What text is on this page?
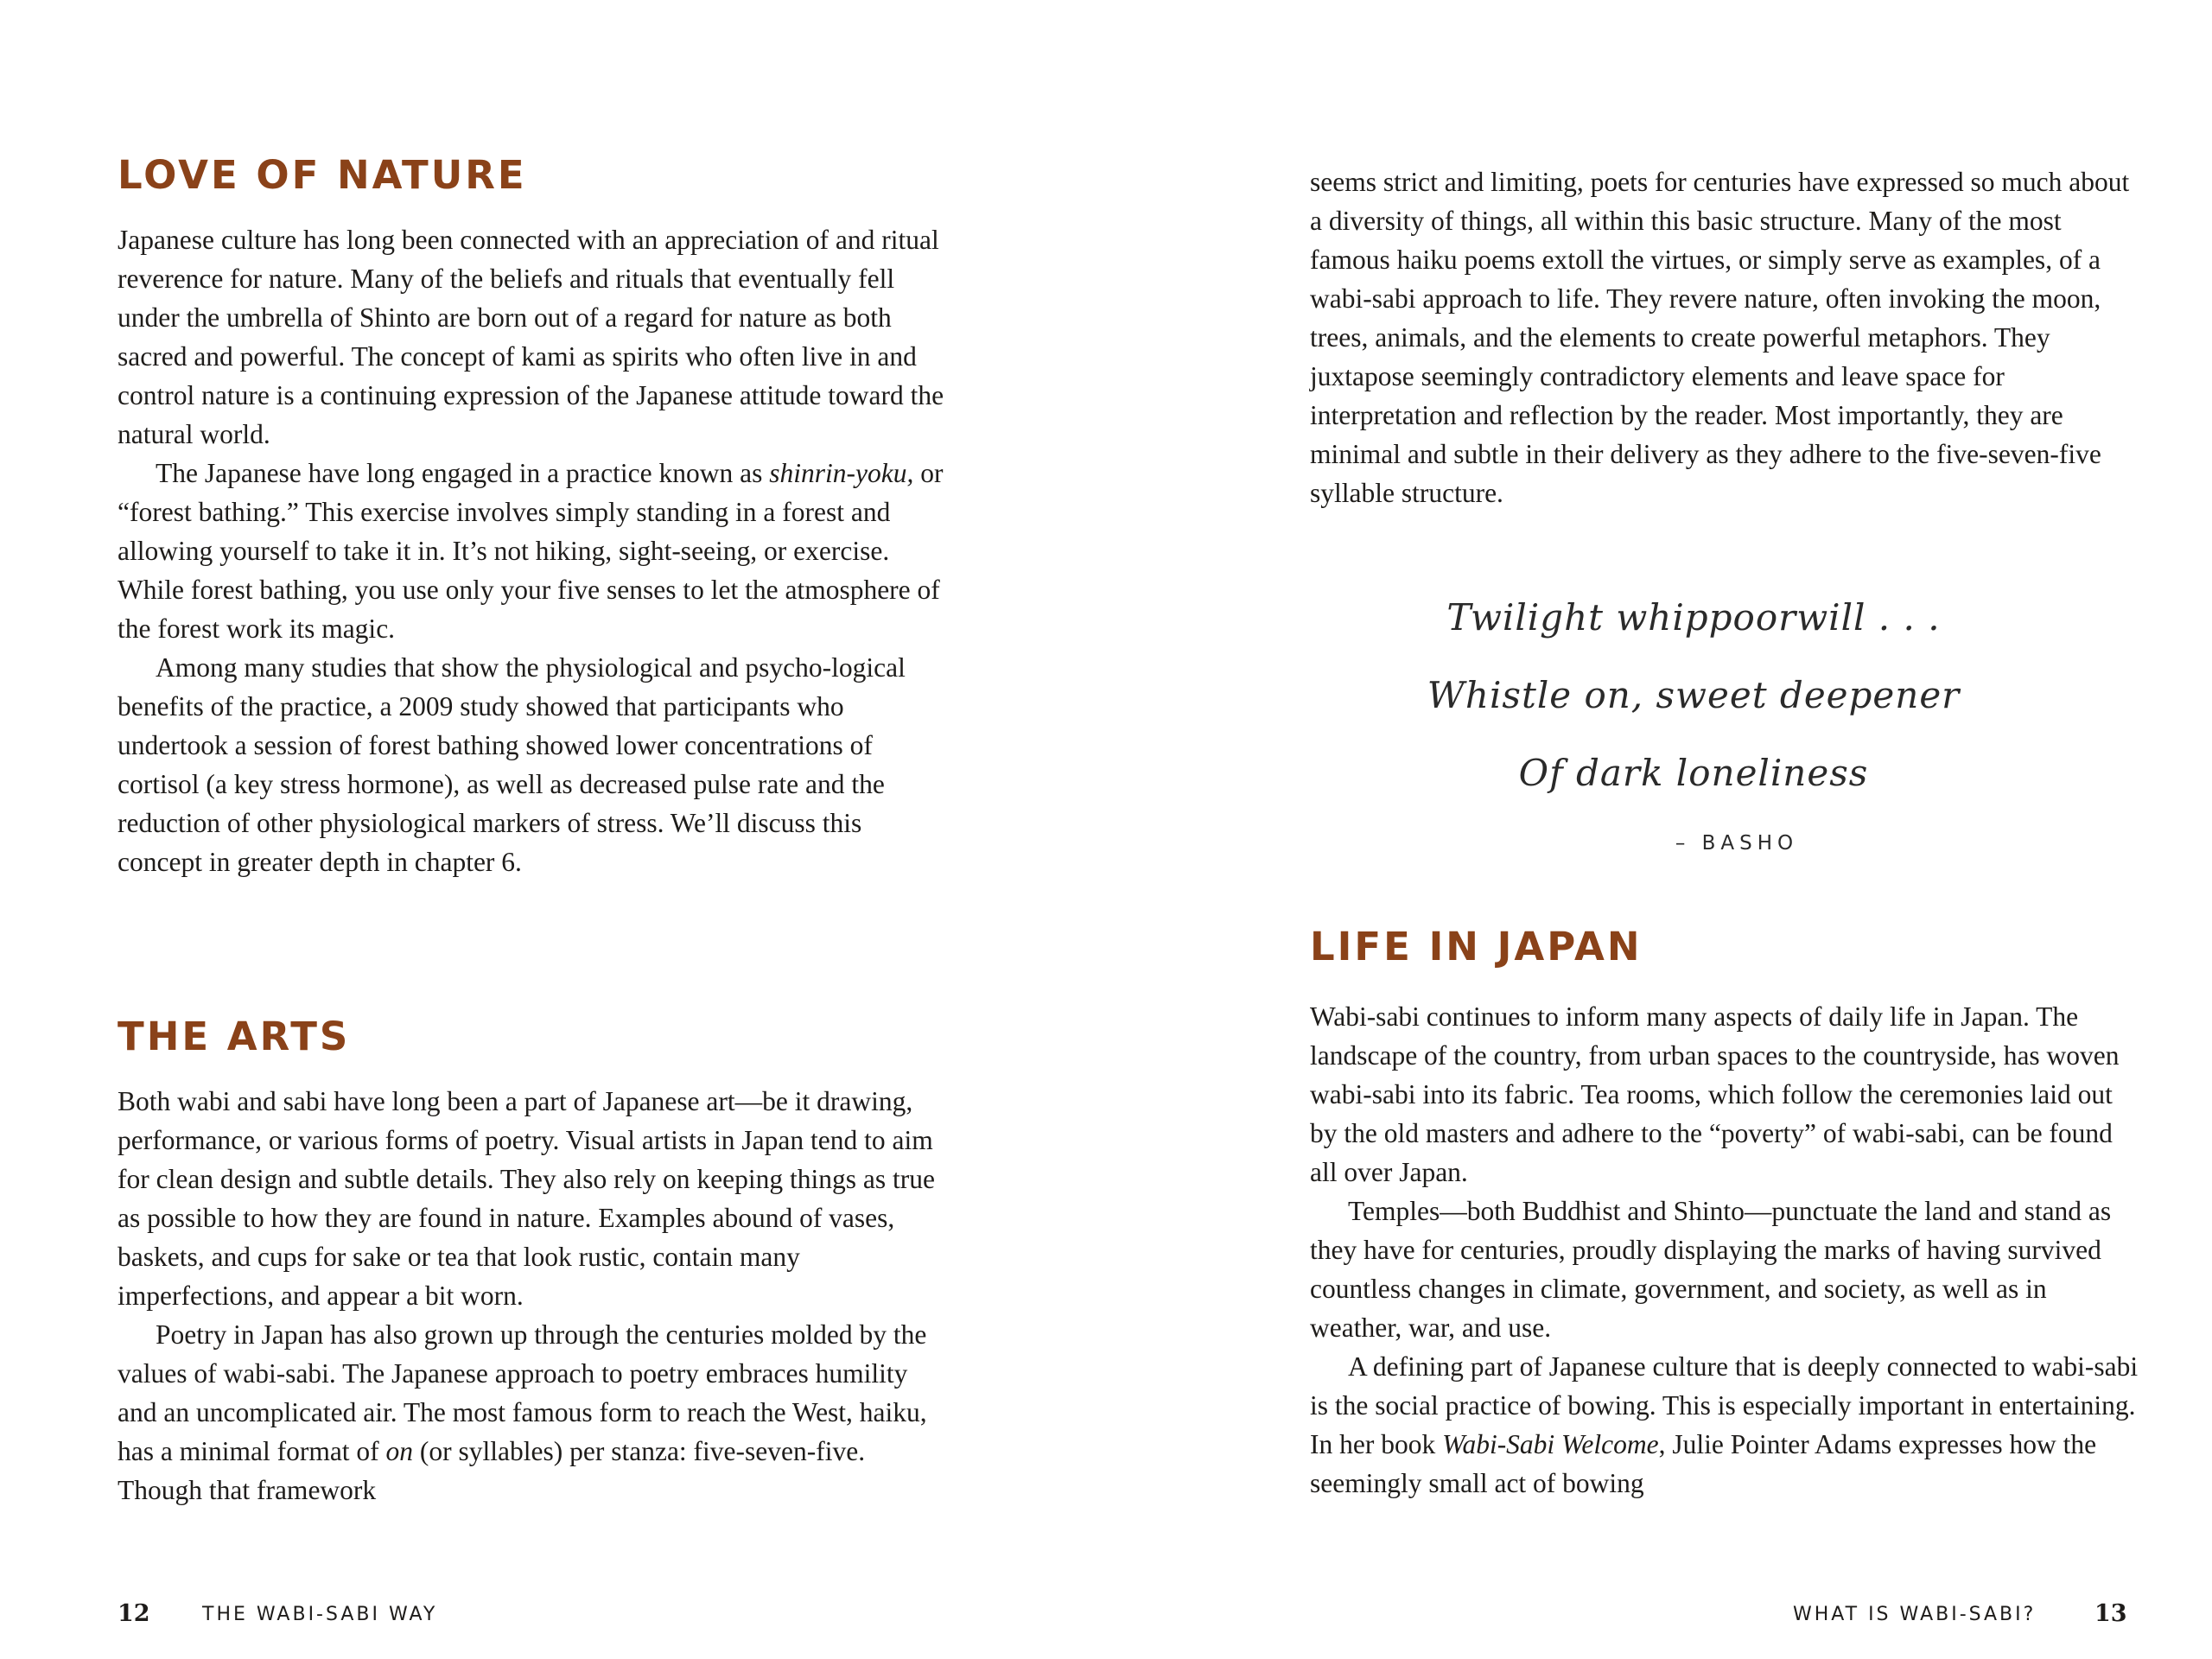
LOVE OF NATURE

Japanese culture has long been connected with an appreciation of and ritual reverence for nature. Many of the beliefs and rituals that eventually fell under the umbrella of Shinto are born out of a regard for nature as both sacred and powerful. The concept of kami as spirits who often live in and control nature is a continuing expression of the Japanese attitude toward the natural world.

The Japanese have long engaged in a practice known as shinrin-yoku, or “forest bathing.” This exercise involves simply standing in a forest and allowing yourself to take it in. It’s not hiking, sight-seeing, or exercise. While forest bathing, you use only your five senses to let the atmosphere of the forest work its magic.

Among many studies that show the physiological and psycho-logical benefits of the practice, a 2009 study showed that participants who undertook a session of forest bathing showed lower concentrations of cortisol (a key stress hormone), as well as decreased pulse rate and the reduction of other physiological markers of stress. We’ll discuss this concept in greater depth in chapter 6.

THE ARTS

Both wabi and sabi have long been a part of Japanese art—be it drawing, performance, or various forms of poetry. Visual artists in Japan tend to aim for clean design and subtle details. They also rely on keeping things as true as possible to how they are found in nature. Examples abound of vases, baskets, and cups for sake or tea that look rustic, contain many imperfections, and appear a bit worn.

Poetry in Japan has also grown up through the centuries molded by the values of wabi-sabi. The Japanese approach to poetry embraces humility and an uncomplicated air. The most famous form to reach the West, haiku, has a minimal format of on (or syllables) per stanza: five-seven-five. Though that framework

12	THE WABI-SABI WAY

seems strict and limiting, poets for centuries have expressed so much about a diversity of things, all within this basic structure. Many of the most famous haiku poems extoll the virtues, or simply serve as examples, of a wabi-sabi approach to life. They revere nature, often invoking the moon, trees, animals, and the elements to create powerful metaphors. They juxtapose seemingly contradictory elements and leave space for interpretation and reflection by the reader. Most importantly, they are minimal and subtle in their delivery as they adhere to the five-seven-five syllable structure.

Twilight whippoorwill . . .
Whistle on, sweet deepener
Of dark loneliness
– BASHO
LIFE IN JAPAN

Wabi-sabi continues to inform many aspects of daily life in Japan. The landscape of the country, from urban spaces to the countryside, has woven wabi-sabi into its fabric. Tea rooms, which follow the ceremonies laid out by the old masters and adhere to the “poverty” of wabi-sabi, can be found all over Japan.

Temples—both Buddhist and Shinto—punctuate the land and stand as they have for centuries, proudly displaying the marks of having survived countless changes in climate, government, and society, as well as in weather, war, and use.

A defining part of Japanese culture that is deeply connected to wabi-sabi is the social practice of bowing. This is especially important in entertaining. In her book Wabi-Sabi Welcome, Julie Pointer Adams expresses how the seemingly small act of bowing

WHAT IS WABI-SABI?	13
